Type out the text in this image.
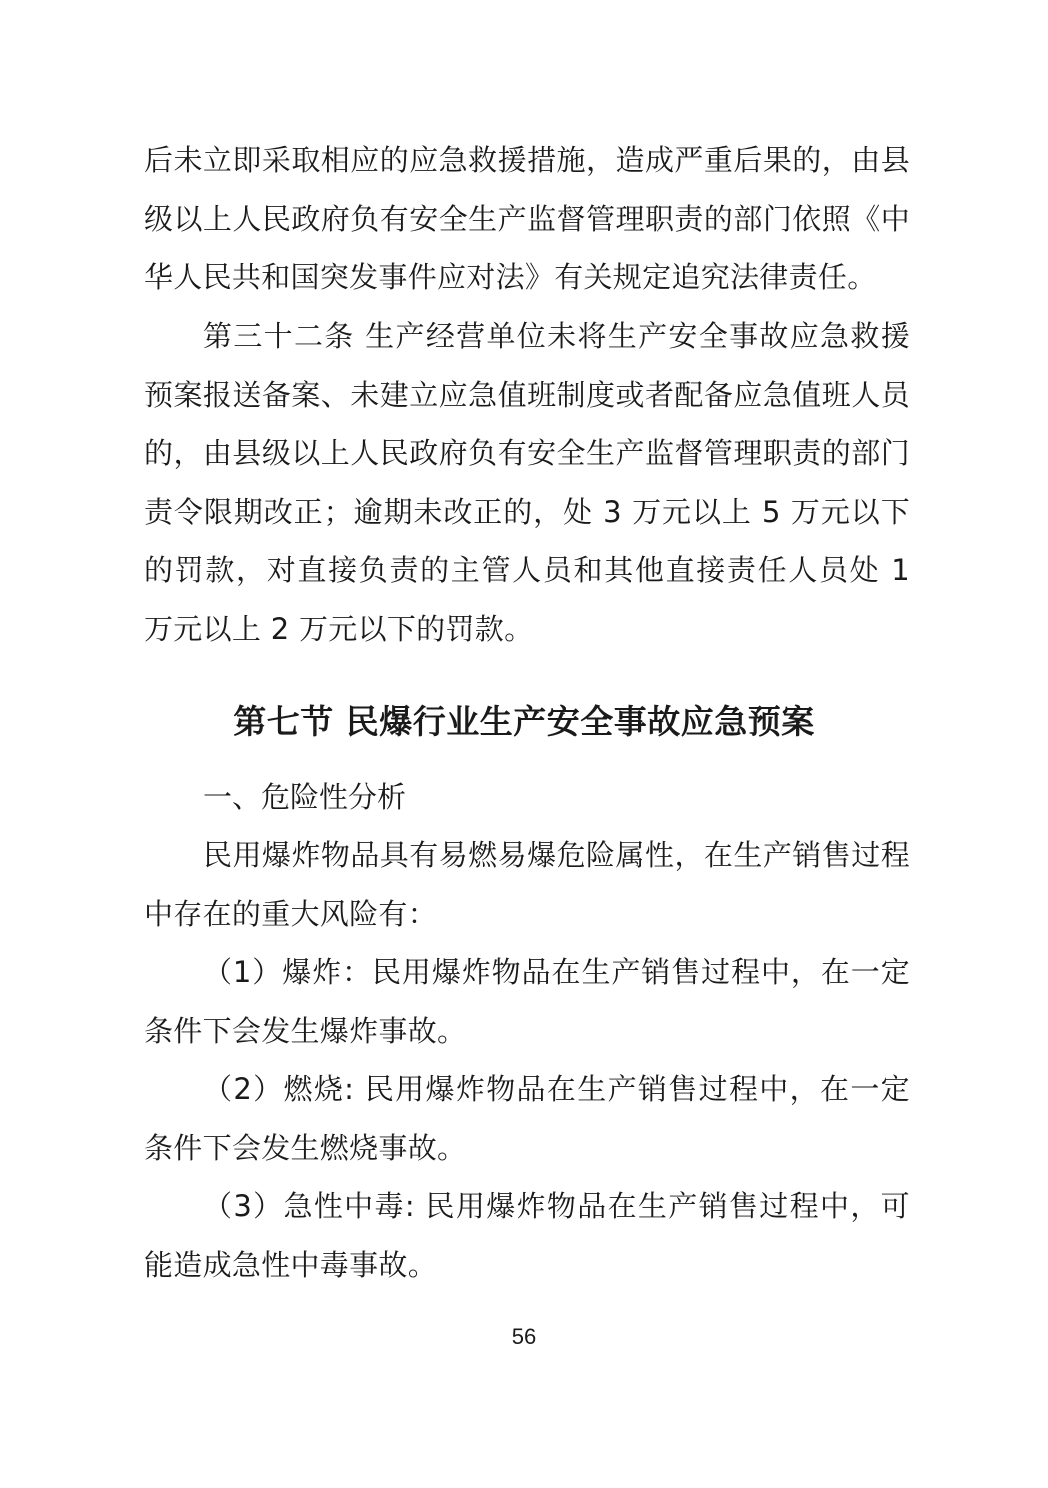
后未立即采取相应的应急救援措施，造成严重后果的，由县级以上人民政府负有安全生产监督管理职责的部门依照《中华人民共和国突发事件应对法》有关规定追究法律责任。

第三十二条 生产经营单位未将生产安全事故应急救援预案报送备案、未建立应急值班制度或者配备应急值班人员的，由县级以上人民政府负有安全生产监督管理职责的部门责令限期改正；逾期未改正的，处 3 万元以上 5 万元以下的罚款，对直接负责的主管人员和其他直接责任人员处 1 万元以上 2 万元以下的罚款。

第七节 民爆行业生产安全事故应急预案

一、危险性分析

民用爆炸物品具有易燃易爆危险属性，在生产销售过程中存在的重大风险有：

（1）爆炸：民用爆炸物品在生产销售过程中，在一定条件下会发生爆炸事故。

（2）燃烧: 民用爆炸物品在生产销售过程中，在一定条件下会发生燃烧事故。

（3）急性中毒: 民用爆炸物品在生产销售过程中，可能造成急性中毒事故。

56
